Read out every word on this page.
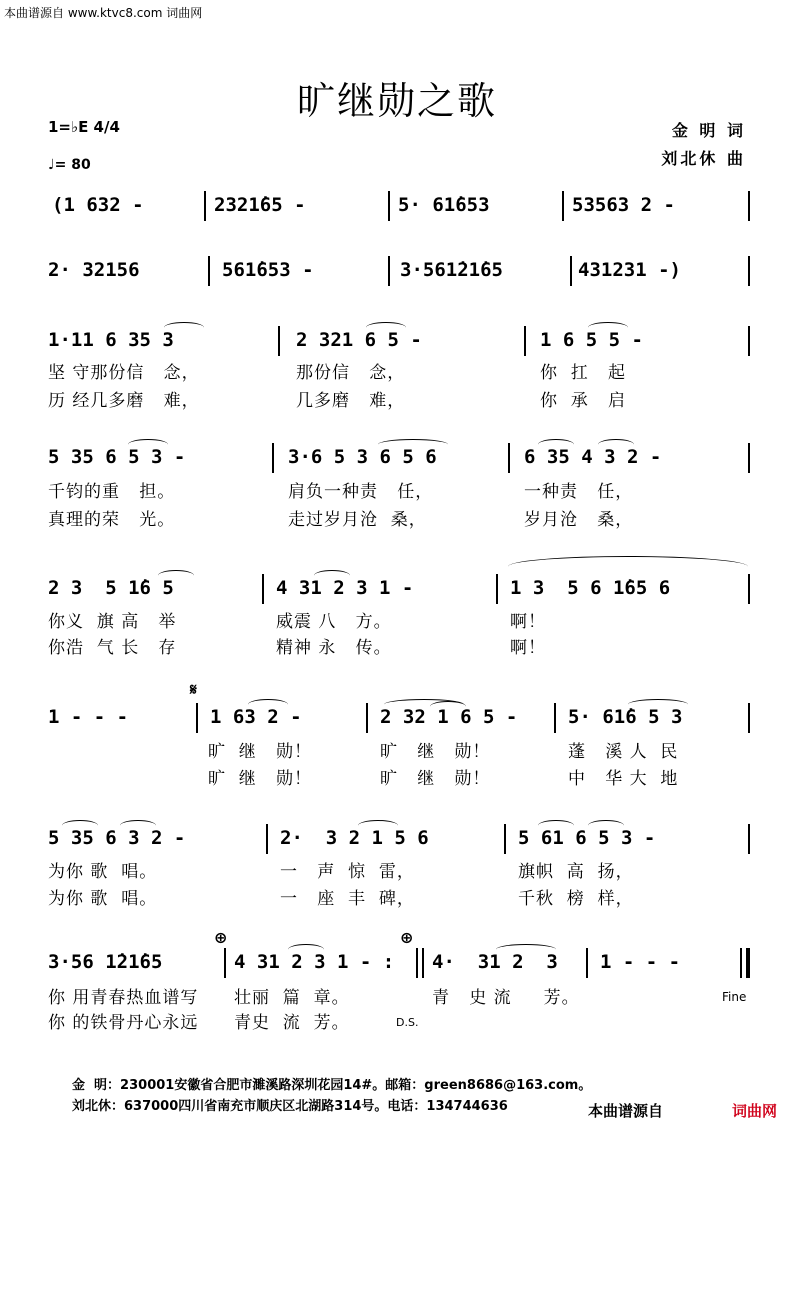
本曲谱源自 www.ktvc8.com 词曲网
旷继勋之歌
1=♭E 4/4
♩= 80
金 明 词
刘北休 曲

(1 632 -

	2321̇65 -

	5· 61̇653

	53563 2 -

2· 32156

	561̇653 -

	3·561̇21̇65

	431231 -)

1·11 6 35 3

	2 321 6 5 -

	1 6 5 5 -

坚 守那份信   念，

	那份信   念，

	你  扛   起

历 经几多磨   难，

	几多磨   难，

	你  承   启

5 35 6 5 3 -

	3·6 5 3 6 5 6

	6 35 4 3 2 -

千钧的重   担。

	肩负一种责   任，

	一种责   任，

真理的荣   光。

	走过岁月沧  桑，

	岁月沧   桑，

2 3  5 1̇6 5

	4 31 2 3 1 -

	1 3  5 6 1̇65 6

你义  旗 高   举

	威震 八   方。

	啊！

你浩  气 长   存

	精神 永   传。

	啊！

𝄋

1 - - -

	1 63 2 -

	2 32 1 6 5 -

	5· 61̇6 5 3

旷  继   勋！

	旷   继   勋！

	蓬   溪 人  民

旷  继   勋！

	旷   继   勋！

	中   华 大  地

5 35 6 3 2 -

	2·  3 2 1 5 6

	5 61 6 5 3 -

为你 歌  唱。

	一   声  惊  雷，

	旗帜  高  扬，

为你 歌  唱。

	一   座  丰  碑，

	千秋  榜  样，

⊕	⊕

3·56 1̇21̇65

	4 31 2 3 1 - :

4·  31 2  3

1 - - -

你 用青春热血谱写

壮丽  篇  章。

	青   史 流     芳。	Fine

你 的铁骨丹心永远

青史  流  芳。	D.S.
金  明：230001安徽省合肥市濉溪路深圳花园14#。邮箱：green8686@163.com。
刘北休：637000四川省南充市顺庆区北湖路314号。电话：134744636	本曲谱源自	词曲网
